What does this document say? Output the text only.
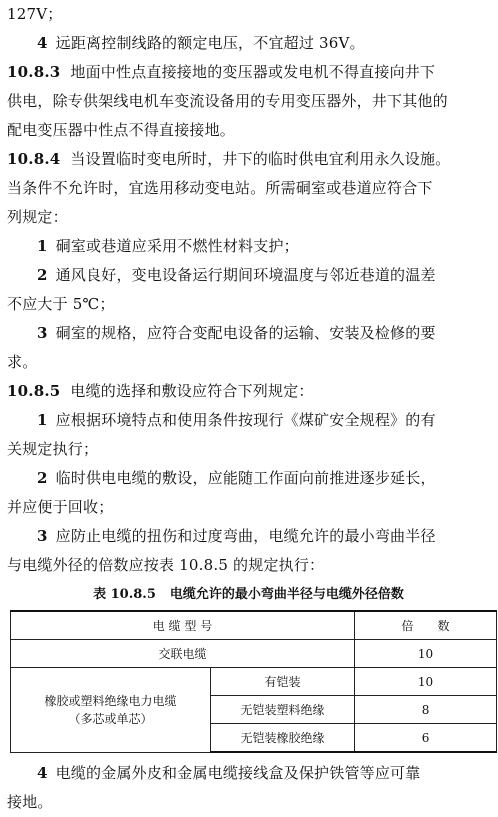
127V；
4 远距离控制线路的额定电压，不宜超过 36V。
10.8.3 地面中性点直接接地的变压器或发电机不得直接向井下
供电，除专供架线电机车变流设备用的专用变压器外，井下其他的
配电变压器中性点不得直接接地。
10.8.4 当设置临时变电所时，井下的临时供电宜利用永久设施。
当条件不允许时，宜选用移动变电站。所需硐室或巷道应符合下
列规定：
1 硐室或巷道应采用不燃性材料支护；
2 通风良好，变电设备运行期间环境温度与邻近巷道的温差
不应大于 5℃；
3 硐室的规格，应符合变配电设备的运输、安装及检修的要
求。
10.8.5 电缆的选择和敷设应符合下列规定：
1 应根据环境特点和使用条件按现行《煤矿安全规程》的有
关规定执行；
2 临时供电电缆的敷设，应能随工作面向前推进逐步延长，
并应便于回收；
3 应防止电缆的扭伤和过度弯曲，电缆允许的最小弯曲半径
与电缆外径的倍数应按表 10.8.5 的规定执行：
表 10.8.5 电缆允许的最小弯曲半径与电缆外径倍数
电 缆 型 号		倍　　数
交联电缆		10

橡胶或塑料绝缘电力电缆
（多芯或单芯）	有铠装	10
	无铠装塑料绝缘	8
	无铠装橡胶绝缘	6
4 电缆的金属外皮和金属电缆接线盒及保护铁管等应可靠
接地。
